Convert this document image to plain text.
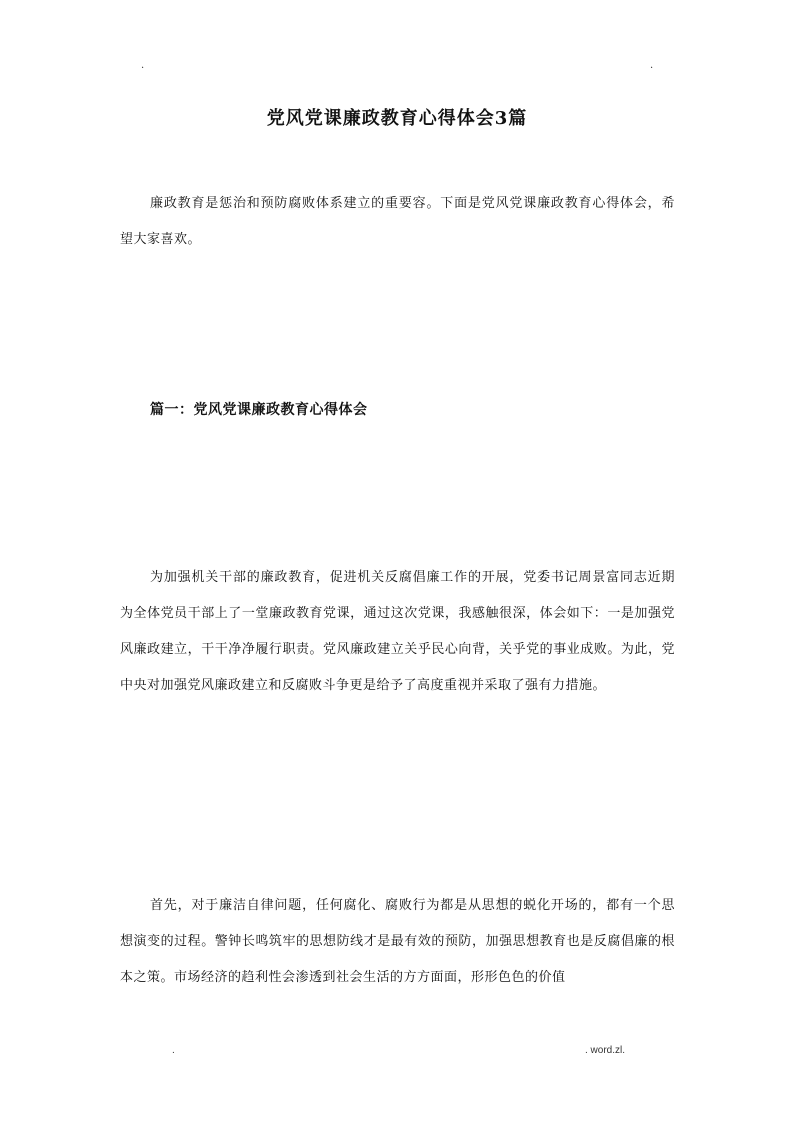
.	.
党风党课廉政教育心得体会3篇
廉政教育是惩治和预防腐败体系建立的重要容。下面是党风党课廉政教育心得体会，希望大家喜欢。
篇一：党风党课廉政教育心得体会
为加强机关干部的廉政教育，促进机关反腐倡廉工作的开展，党委书记周景富同志近期为全体党员干部上了一堂廉政教育党课，通过这次党课，我感触很深，体会如下：一是加强党风廉政建立，干干净净履行职责。党风廉政建立关乎民心向背，关乎党的事业成败。为此，党中央对加强党风廉政建立和反腐败斗争更是给予了高度重视并采取了强有力措施。
首先，对于廉洁自律问题，任何腐化、腐败行为都是从思想的蜕化开场的，都有一个思想演变的过程。警钟长鸣筑牢的思想防线才是最有效的预防，加强思想教育也是反腐倡廉的根本之策。市场经济的趋利性会渗透到社会生活的方方面面，形形色色的价值
.	. word.zl.
